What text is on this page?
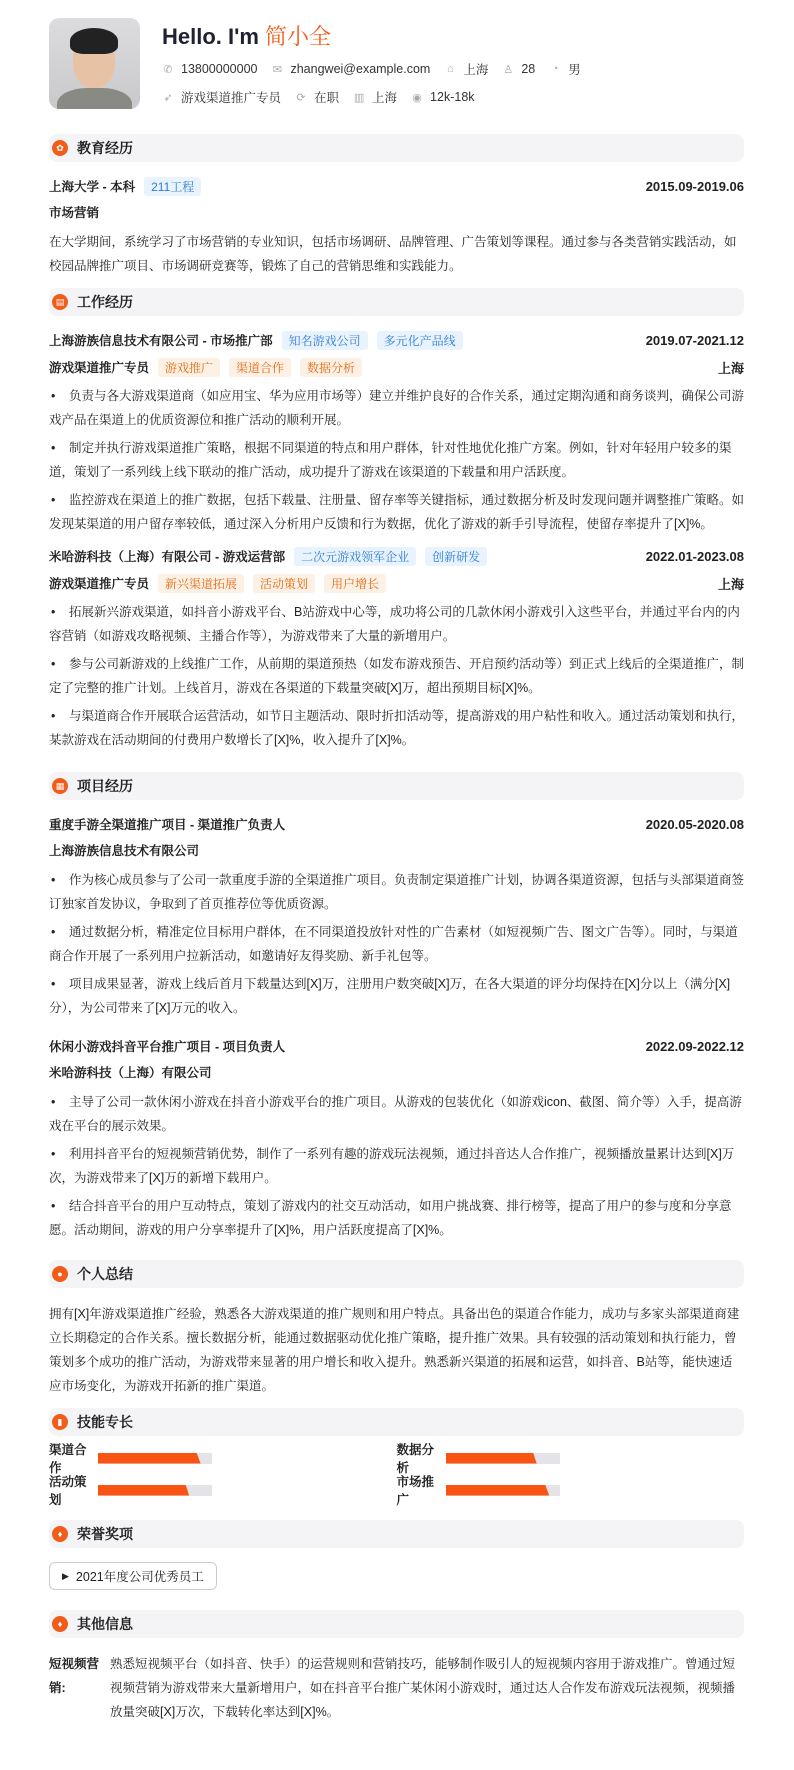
Hello. I'm 简小全
✆ 13800000000 ✉ zhangwei@example.com ⌂ 上海 ♙ 28 ◔ 男
➶ 游戏渠道推广专员 ⟳ 在职 ▥ 上海 ◉ 12k-18k
✿ 教育经历
上海大学 - 本科	211工程	2015.09-2019.06
市场营销

在大学期间，系统学习了市场营销的专业知识，包括市场调研、品牌管理、广告策划等课程。通过参与各类营销实践活动，如校园品牌推广项目、市场调研竞赛等，锻炼了自己的营销思维和实践能力。

▤ 工作经历
上海游族信息技术有限公司 - 市场推广部	知名游戏公司	多元化产品线	2019.07-2021.12
游戏渠道推广专员	游戏推广	渠道合作	数据分析	上海
• 负责与各大游戏渠道商（如应用宝、华为应用市场等）建立并维护良好的合作关系，通过定期沟通和商务谈判，确保公司游戏产品在渠道上的优质资源位和推广活动的顺利开展。
• 制定并执行游戏渠道推广策略，根据不同渠道的特点和用户群体，针对性地优化推广方案。例如，针对年轻用户较多的渠道，策划了一系列线上线下联动的推广活动，成功提升了游戏在该渠道的下载量和用户活跃度。
• 监控游戏在渠道上的推广数据，包括下载量、注册量、留存率等关键指标，通过数据分析及时发现问题并调整推广策略。如发现某渠道的用户留存率较低，通过深入分析用户反馈和行为数据，优化了游戏的新手引导流程，使留存率提升了[X]%。
米哈游科技（上海）有限公司 - 游戏运营部	二次元游戏领军企业	创新研发	2022.01-2023.08
游戏渠道推广专员	新兴渠道拓展	活动策划	用户增长	上海
• 拓展新兴游戏渠道，如抖音小游戏平台、B站游戏中心等，成功将公司的几款休闲小游戏引入这些平台，并通过平台内的内容营销（如游戏攻略视频、主播合作等），为游戏带来了大量的新增用户。
• 参与公司新游戏的上线推广工作，从前期的渠道预热（如发布游戏预告、开启预约活动等）到正式上线后的全渠道推广，制定了完整的推广计划。上线首月，游戏在各渠道的下载量突破[X]万，超出预期目标[X]%。
• 与渠道商合作开展联合运营活动，如节日主题活动、限时折扣活动等，提高游戏的用户粘性和收入。通过活动策划和执行，某款游戏在活动期间的付费用户数增长了[X]%，收入提升了[X]%。
▦ 项目经历
重度手游全渠道推广项目 - 渠道推广负责人	2020.05-2020.08
上海游族信息技术有限公司
• 作为核心成员参与了公司一款重度手游的全渠道推广项目。负责制定渠道推广计划，协调各渠道资源，包括与头部渠道商签订独家首发协议，争取到了首页推荐位等优质资源。
• 通过数据分析，精准定位目标用户群体，在不同渠道投放针对性的广告素材（如短视频广告、图文广告等）。同时，与渠道商合作开展了一系列用户拉新活动，如邀请好友得奖励、新手礼包等。
• 项目成果显著，游戏上线后首月下载量达到[X]万，注册用户数突破[X]万，在各大渠道的评分均保持在[X]分以上（满分[X]分），为公司带来了[X]万元的收入。
休闲小游戏抖音平台推广项目 - 项目负责人	2022.09-2022.12
米哈游科技（上海）有限公司
• 主导了公司一款休闲小游戏在抖音小游戏平台的推广项目。从游戏的包装优化（如游戏icon、截图、简介等）入手，提高游戏在平台的展示效果。
• 利用抖音平台的短视频营销优势，制作了一系列有趣的游戏玩法视频，通过抖音达人合作推广，视频播放量累计达到[X]万次，为游戏带来了[X]万的新增下载用户。
• 结合抖音平台的用户互动特点，策划了游戏内的社交互动活动，如用户挑战赛、排行榜等，提高了用户的参与度和分享意愿。活动期间，游戏的用户分享率提升了[X]%，用户活跃度提高了[X]%。
●	个人总结

拥有[X]年游戏渠道推广经验，熟悉各大游戏渠道的推广规则和用户特点。具备出色的渠道合作能力，成功与多家头部渠道商建立长期稳定的合作关系。擅长数据分析，能通过数据驱动优化推广策略，提升推广效果。具有较强的活动策划和执行能力，曾策划多个成功的推广活动，为游戏带来显著的用户增长和收入提升。熟悉新兴渠道的拓展和运营，如抖音、B站等，能快速适应市场变化，为游戏开拓新的推广渠道。

▮	技能专长
渠道合作
数据分析
活动策划
市场推广
♦	荣誉奖项
▶ 2021年度公司优秀员工
♦	其他信息
短视频营销:
熟悉短视频平台（如抖音、快手）的运营规则和营销技巧，能够制作吸引人的短视频内容用于游戏推广。曾通过短视频营销为游戏带来大量新增用户，如在抖音平台推广某休闲小游戏时，通过达人合作发布游戏玩法视频，视频播放量突破[X]万次，下载转化率达到[X]%。
